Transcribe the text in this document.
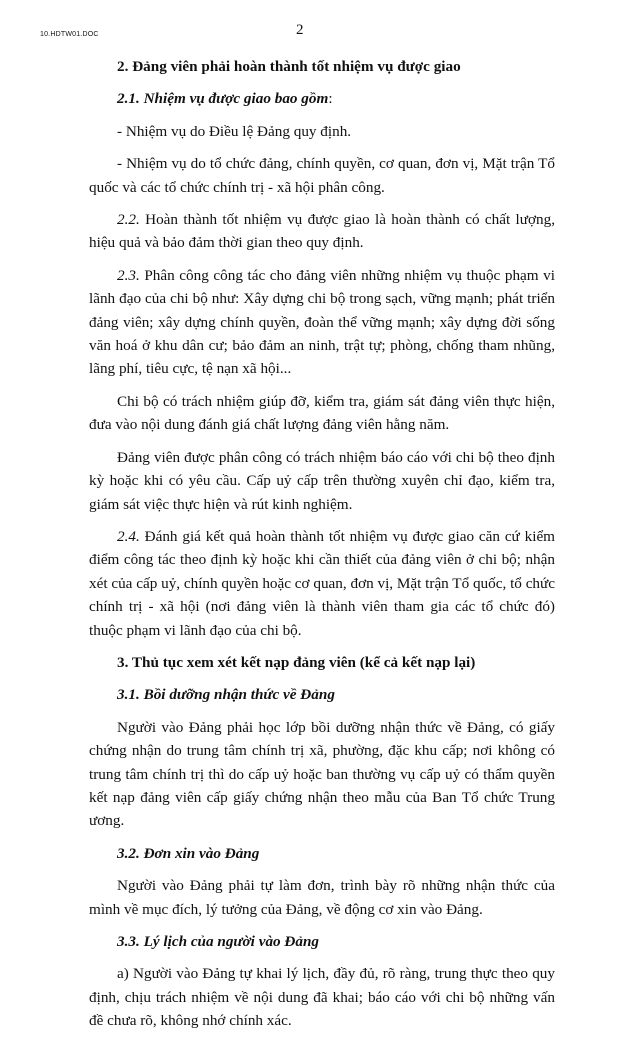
10.HDTW01.DOC	2

2. Đảng viên phải hoàn thành tốt nhiệm vụ được giao

2.1. Nhiệm vụ được giao bao gồm:

- Nhiệm vụ do Điều lệ Đảng quy định.

- Nhiệm vụ do tổ chức đảng, chính quyền, cơ quan, đơn vị, Mặt trận Tổ quốc và các tổ chức chính trị - xã hội phân công.

2.2. Hoàn thành tốt nhiệm vụ được giao là hoàn thành có chất lượng, hiệu quả và bảo đảm thời gian theo quy định.

2.3. Phân công công tác cho đảng viên những nhiệm vụ thuộc phạm vi lãnh đạo của chi bộ như: Xây dựng chi bộ trong sạch, vững mạnh; phát triển đảng viên; xây dựng chính quyền, đoàn thể vững mạnh; xây dựng đời sống văn hoá ở khu dân cư; bảo đảm an ninh, trật tự; phòng, chống tham nhũng, lãng phí, tiêu cực, tệ nạn xã hội...

Chi bộ có trách nhiệm giúp đỡ, kiểm tra, giám sát đảng viên thực hiện, đưa vào nội dung đánh giá chất lượng đảng viên hằng năm.

Đảng viên được phân công có trách nhiệm báo cáo với chi bộ theo định kỳ hoặc khi có yêu cầu. Cấp uỷ cấp trên thường xuyên chỉ đạo, kiểm tra, giám sát việc thực hiện và rút kinh nghiệm.

2.4. Đánh giá kết quả hoàn thành tốt nhiệm vụ được giao căn cứ kiểm điểm công tác theo định kỳ hoặc khi cần thiết của đảng viên ở chi bộ; nhận xét của cấp uỷ, chính quyền hoặc cơ quan, đơn vị, Mặt trận Tổ quốc, tổ chức chính trị - xã hội (nơi đảng viên là thành viên tham gia các tổ chức đó) thuộc phạm vi lãnh đạo của chi bộ.

3. Thủ tục xem xét kết nạp đảng viên (kể cả kết nạp lại)

3.1. Bồi dưỡng nhận thức về Đảng

Người vào Đảng phải học lớp bồi dưỡng nhận thức về Đảng, có giấy chứng nhận do trung tâm chính trị xã, phường, đặc khu cấp; nơi không có trung tâm chính trị thì do cấp uỷ hoặc ban thường vụ cấp uỷ có thẩm quyền kết nạp đảng viên cấp giấy chứng nhận theo mẫu của Ban Tổ chức Trung ương.

3.2. Đơn xin vào Đảng

Người vào Đảng phải tự làm đơn, trình bày rõ những nhận thức của mình về mục đích, lý tưởng của Đảng, về động cơ xin vào Đảng.

3.3. Lý lịch của người vào Đảng

a) Người vào Đảng tự khai lý lịch, đầy đủ, rõ ràng, trung thực theo quy định, chịu trách nhiệm về nội dung đã khai; báo cáo với chi bộ những vấn đề chưa rõ, không nhớ chính xác.
